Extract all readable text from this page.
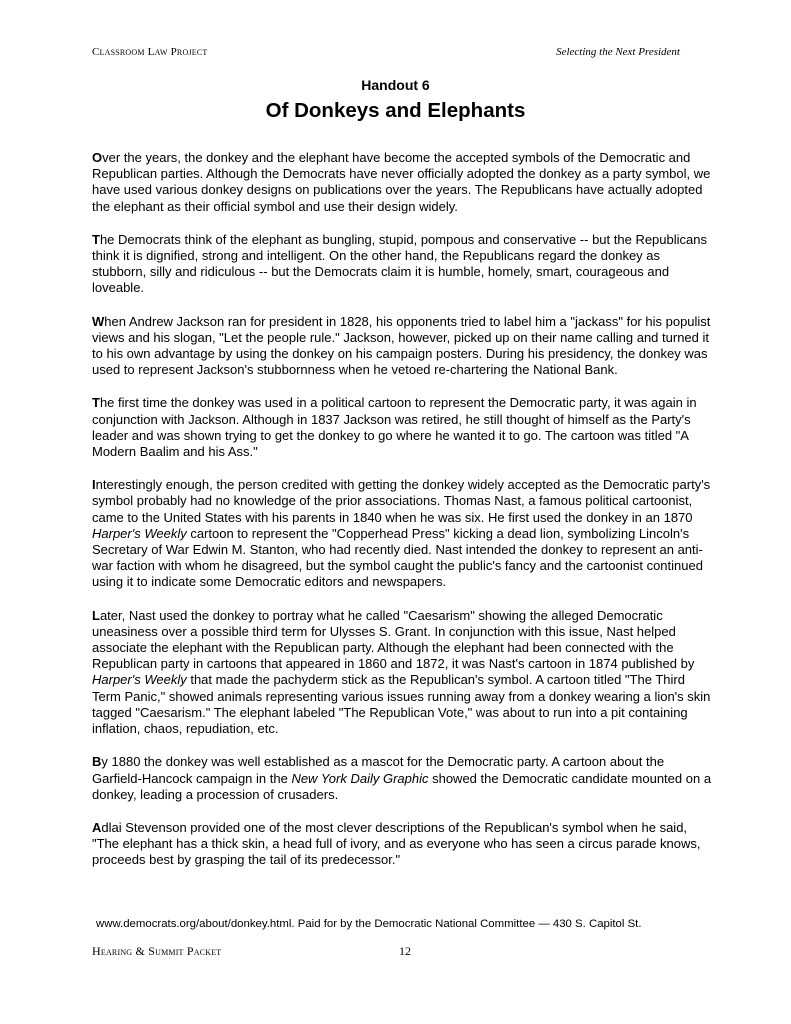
Classroom Law Project	Selecting the Next President
Handout 6
Of Donkeys and Elephants

Over the years, the donkey and the elephant have become the accepted symbols of the Democratic and Republican parties. Although the Democrats have never officially adopted the donkey as a party symbol, we have used various donkey designs on publications over the years. The Republicans have actually adopted the elephant as their official symbol and use their design widely.

The Democrats think of the elephant as bungling, stupid, pompous and conservative -- but the Republicans think it is dignified, strong and intelligent. On the other hand, the Republicans regard the donkey as stubborn, silly and ridiculous -- but the Democrats claim it is humble, homely, smart, courageous and loveable.

When Andrew Jackson ran for president in 1828, his opponents tried to label him a "jackass" for his populist views and his slogan, "Let the people rule." Jackson, however, picked up on their name calling and turned it to his own advantage by using the donkey on his campaign posters. During his presidency, the donkey was used to represent Jackson's stubbornness when he vetoed re-chartering the National Bank.

The first time the donkey was used in a political cartoon to represent the Democratic party, it was again in conjunction with Jackson. Although in 1837 Jackson was retired, he still thought of himself as the Party's leader and was shown trying to get the donkey to go where he wanted it to go. The cartoon was titled "A Modern Baalim and his Ass."

Interestingly enough, the person credited with getting the donkey widely accepted as the Democratic party's symbol probably had no knowledge of the prior associations. Thomas Nast, a famous political cartoonist, came to the United States with his parents in 1840 when he was six. He first used the donkey in an 1870 Harper's Weekly cartoon to represent the "Copperhead Press" kicking a dead lion, symbolizing Lincoln's Secretary of War Edwin M. Stanton, who had recently died. Nast intended the donkey to represent an anti-war faction with whom he disagreed, but the symbol caught the public's fancy and the cartoonist continued using it to indicate some Democratic editors and newspapers.

Later, Nast used the donkey to portray what he called "Caesarism" showing the alleged Democratic uneasiness over a possible third term for Ulysses S. Grant. In conjunction with this issue, Nast helped associate the elephant with the Republican party. Although the elephant had been connected with the Republican party in cartoons that appeared in 1860 and 1872, it was Nast's cartoon in 1874 published by Harper's Weekly that made the pachyderm stick as the Republican's symbol. A cartoon titled "The Third Term Panic," showed animals representing various issues running away from a donkey wearing a lion's skin tagged "Caesarism." The elephant labeled "The Republican Vote," was about to run into a pit containing inflation, chaos, repudiation, etc.

By 1880 the donkey was well established as a mascot for the Democratic party. A cartoon about the Garfield-Hancock campaign in the New York Daily Graphic showed the Democratic candidate mounted on a donkey, leading a procession of crusaders.

Adlai Stevenson provided one of the most clever descriptions of the Republican's symbol when he said, "The elephant has a thick skin, a head full of ivory, and as everyone who has seen a circus parade knows, proceeds best by grasping the tail of its predecessor."

www.democrats.org/about/donkey.html. Paid for by the Democratic National Committee — 430 S. Capitol St.
Hearing & Summit Packet	12
